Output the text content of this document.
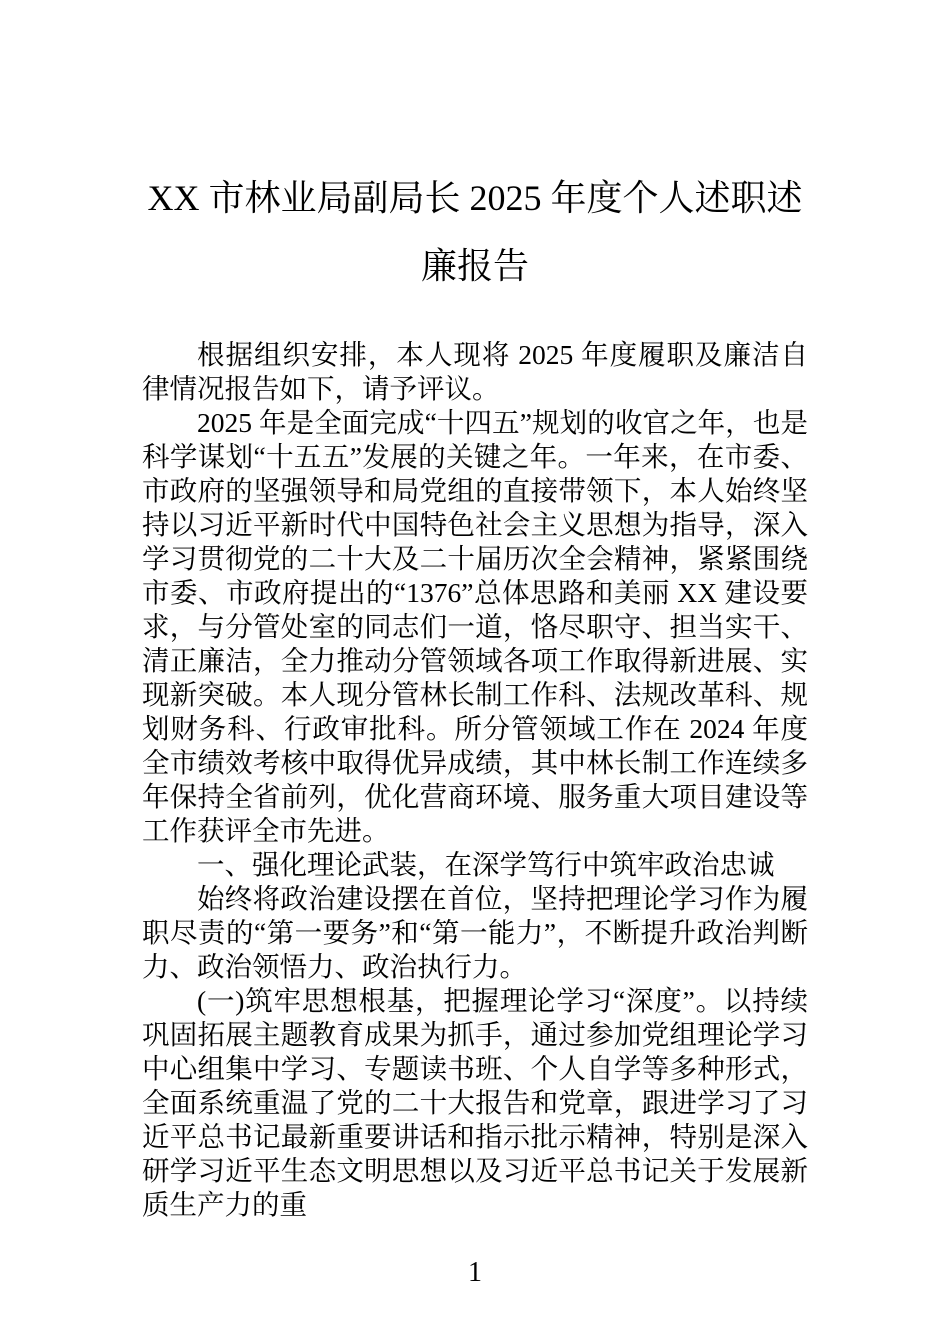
XX 市林业局副局长 2025 年度个人述职述廉报告

根据组织安排，本人现将 2025 年度履职及廉洁自律情况报告如下，请予评议。

2025 年是全面完成“十四五”规划的收官之年，也是科学谋划“十五五”发展的关键之年。一年来，在市委、市政府的坚强领导和局党组的直接带领下，本人始终坚持以习近平新时代中国特色社会主义思想为指导，深入学习贯彻党的二十大及二十届历次全会精神，紧紧围绕市委、市政府提出的“1376”总体思路和美丽 XX 建设要求，与分管处室的同志们一道，恪尽职守、担当实干、清正廉洁，全力推动分管领域各项工作取得新进展、实现新突破。本人现分管林长制工作科、法规改革科、规划财务科、行政审批科。所分管领域工作在 2024 年度全市绩效考核中取得优异成绩，其中林长制工作连续多年保持全省前列，优化营商环境、服务重大项目建设等工作获评全市先进。

一、强化理论武装，在深学笃行中筑牢政治忠诚

始终将政治建设摆在首位，坚持把理论学习作为履职尽责的“第一要务”和“第一能力”，不断提升政治判断力、政治领悟力、政治执行力。

(一)筑牢思想根基，把握理论学习“深度”。以持续巩固拓展主题教育成果为抓手，通过参加党组理论学习中心组集中学习、专题读书班、个人自学等多种形式，全面系统重温了党的二十大报告和党章，跟进学习了习近平总书记最新重要讲话和指示批示精神，特别是深入研学习近平生态文明思想以及习近平总书记关于发展新质生产力的重

1
